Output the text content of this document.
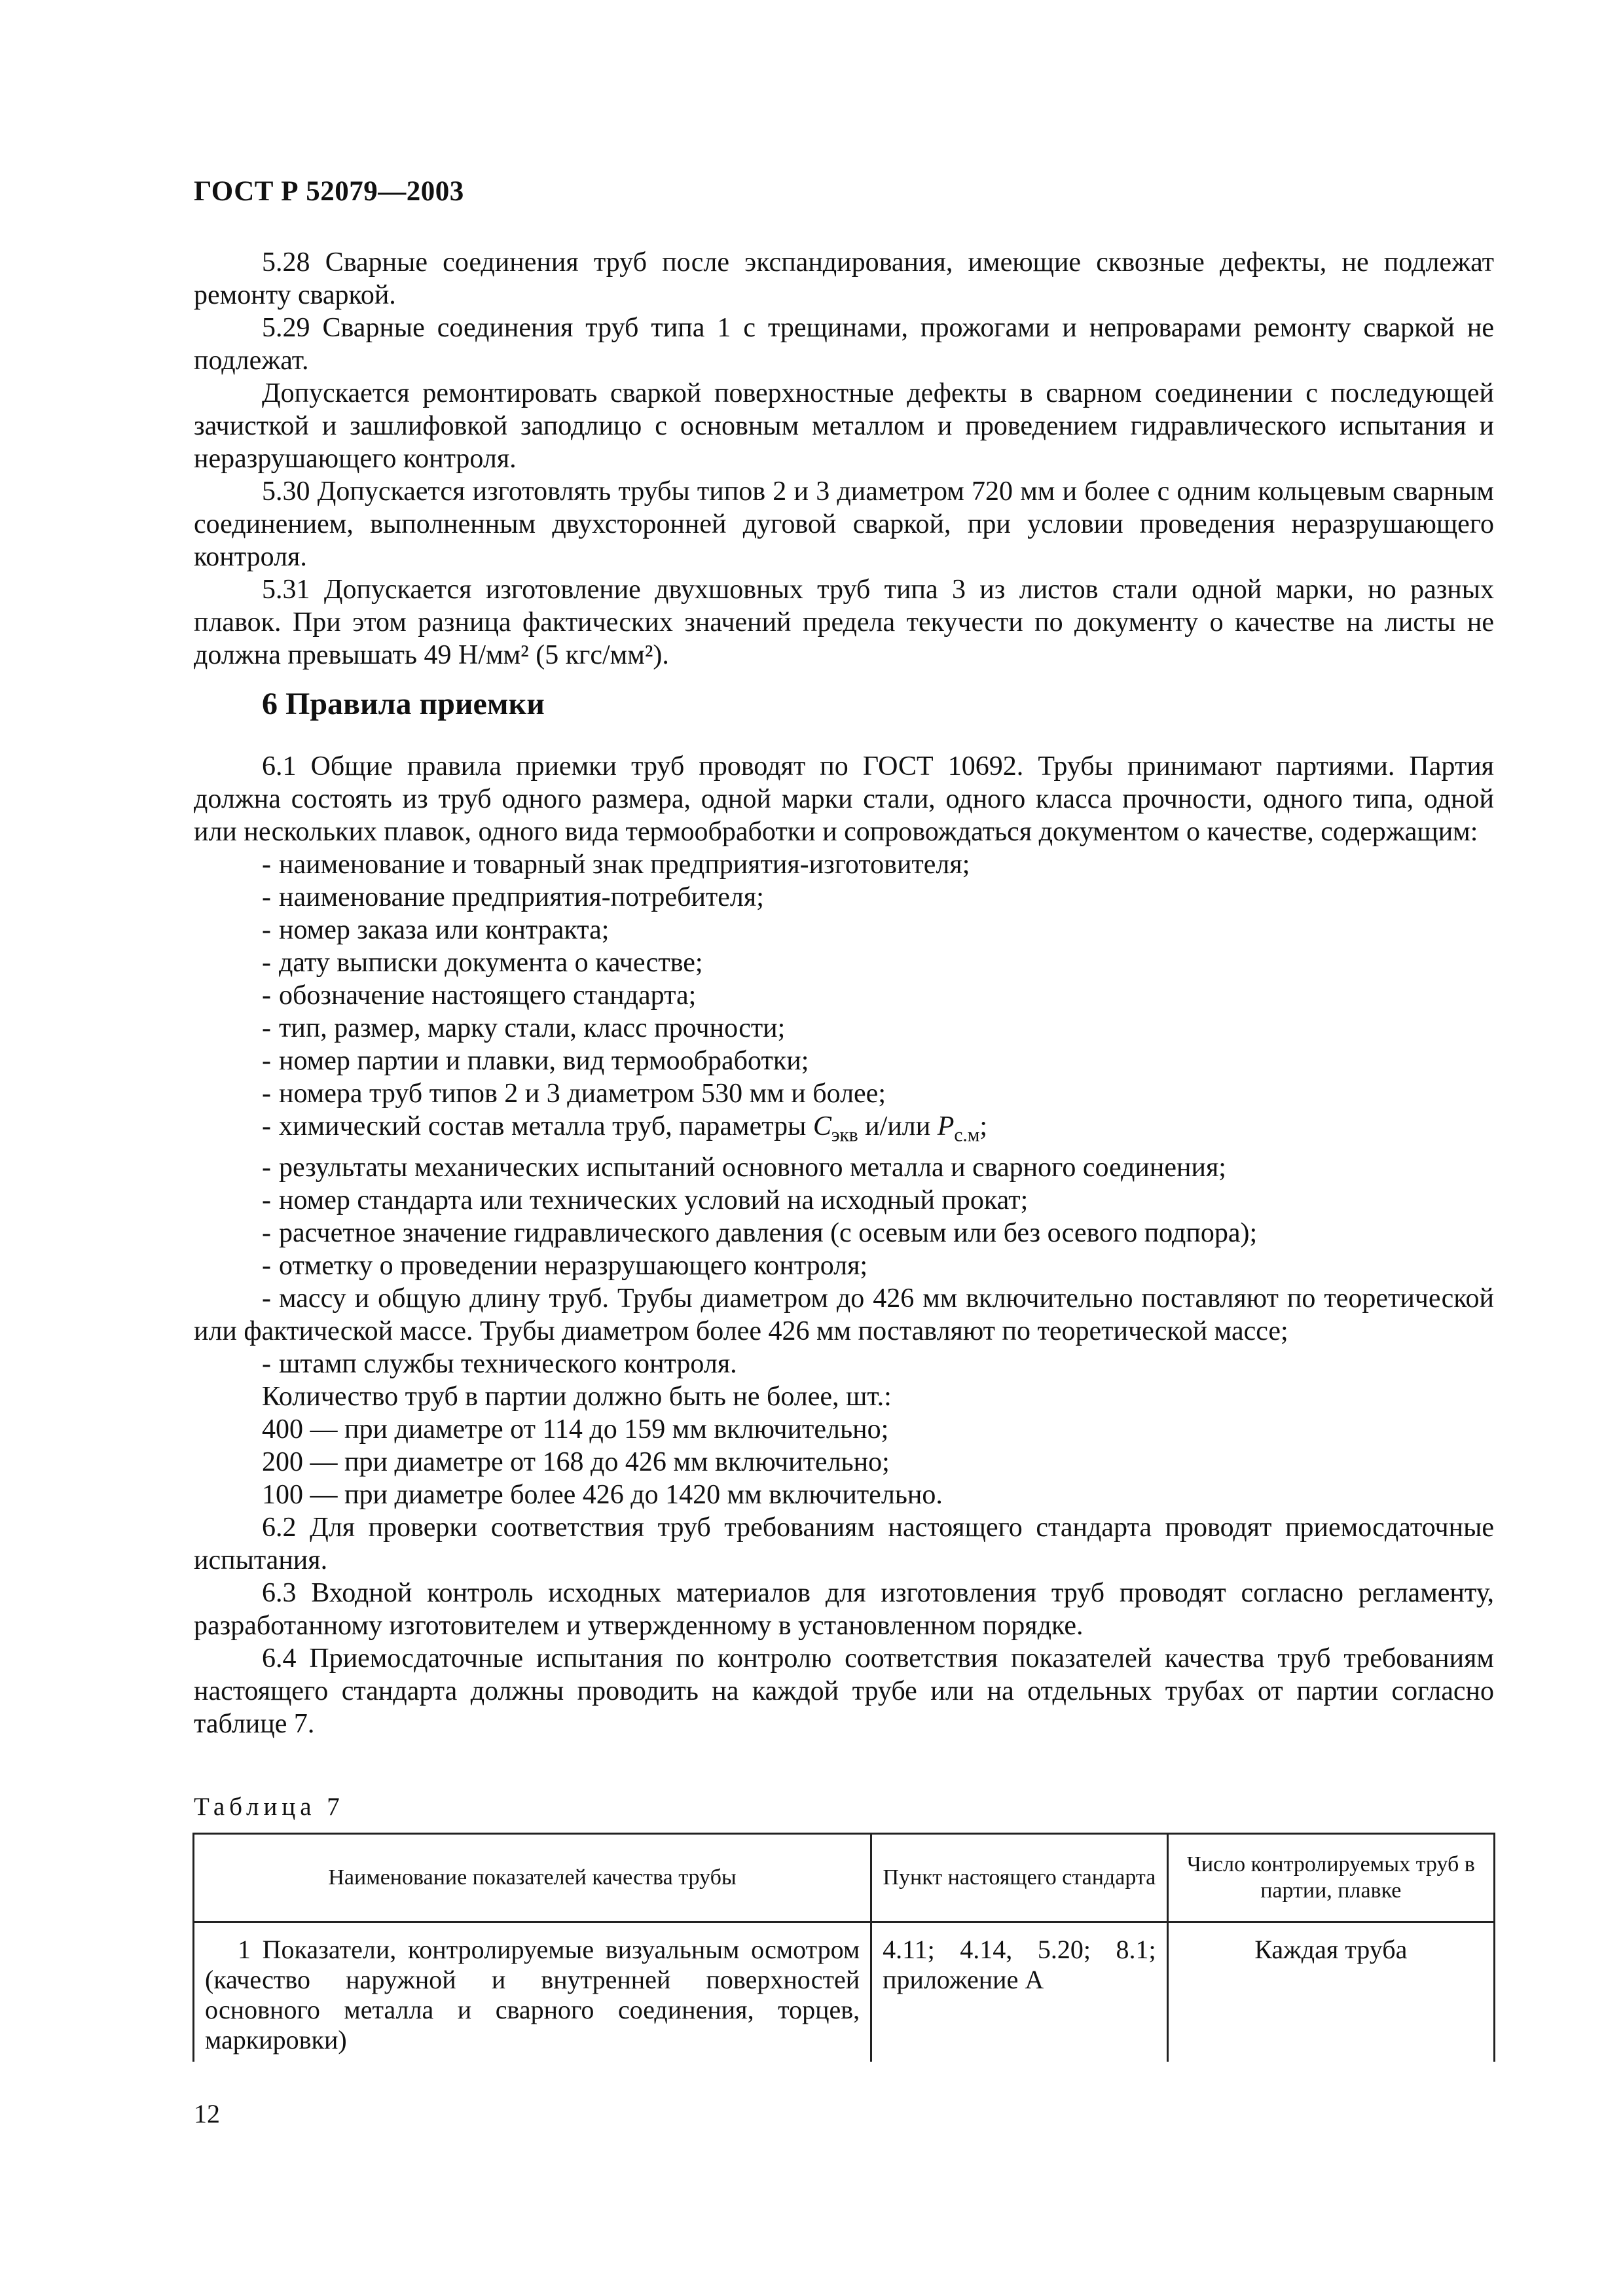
ГОСТ Р 52079—2003

5.28 Сварные соединения труб после экспандирования, имеющие сквозные дефекты, не подлежат ремонту сваркой.

5.29 Сварные соединения труб типа 1 с трещинами, прожогами и непроварами ремонту сваркой не подлежат.

Допускается ремонтировать сваркой поверхностные дефекты в сварном соединении с последующей зачисткой и зашлифовкой заподлицо с основным металлом и проведением гидравлического испытания и неразрушающего контроля.

5.30 Допускается изготовлять трубы типов 2 и 3 диаметром 720 мм и более с одним кольцевым сварным соединением, выполненным двухсторонней дуговой сваркой, при условии проведения неразрушающего контроля.

5.31 Допускается изготовление двухшовных труб типа 3 из листов стали одной марки, но разных плавок. При этом разница фактических значений предела текучести по документу о качестве на листы не должна превышать 49 Н/мм² (5 кгс/мм²).

6 Правила приемки

6.1 Общие правила приемки труб проводят по ГОСТ 10692. Трубы принимают партиями. Партия должна состоять из труб одного размера, одной марки стали, одного класса прочности, одного типа, одной или нескольких плавок, одного вида термообработки и сопровождаться документом о качестве, содержащим:

- наименование и товарный знак предприятия-изготовителя;
- наименование предприятия-потребителя;
- номер заказа или контракта;
- дату выписки документа о качестве;
- обозначение настоящего стандарта;
- тип, размер, марку стали, класс прочности;
- номер партии и плавки, вид термообработки;
- номера труб типов 2 и 3 диаметром 530 мм и более;
- химический состав металла труб, параметры $C_{экв}$ и/или $P_{с.м}$;
- результаты механических испытаний основного металла и сварного соединения;
- номер стандарта или технических условий на исходный прокат;
- расчетное значение гидравлического давления (с осевым или без осевого подпора);
- отметку о проведении неразрушающего контроля;
- массу и общую длину труб. Трубы диаметром до 426 мм включительно поставляют по теоретической или фактической массе. Трубы диаметром более 426 мм поставляют по теоретической массе;
- штамп службы технического контроля.
Количество труб в партии должно быть не более, шт.:
400 — при диаметре от 114 до 159 мм включительно;
200 — при диаметре от 168 до 426 мм включительно;
100 — при диаметре более 426 до 1420 мм включительно.

6.2 Для проверки соответствия труб требованиям настоящего стандарта проводят приемосдаточные испытания.

6.3 Входной контроль исходных материалов для изготовления труб проводят согласно регламенту, разработанному изготовителем и утвержденному в установленном порядке.

6.4 Приемосдаточные испытания по контролю соответствия показателей качества труб требованиям настоящего стандарта должны проводить на каждой трубе или на отдельных трубах от партии согласно таблице 7.

Таблица 7
Наименование показателей качества трубы	Пункт настоящего стандарта	Число контролируемых труб в партии, плавке
1 Показатели, контролируемые визуальным осмотром (качество наружной и внутренней поверхностей основного металла и сварного соединения, торцев, маркировки)	4.11; 4.14, 5.20; 8.1; приложение А	Каждая труба
12
